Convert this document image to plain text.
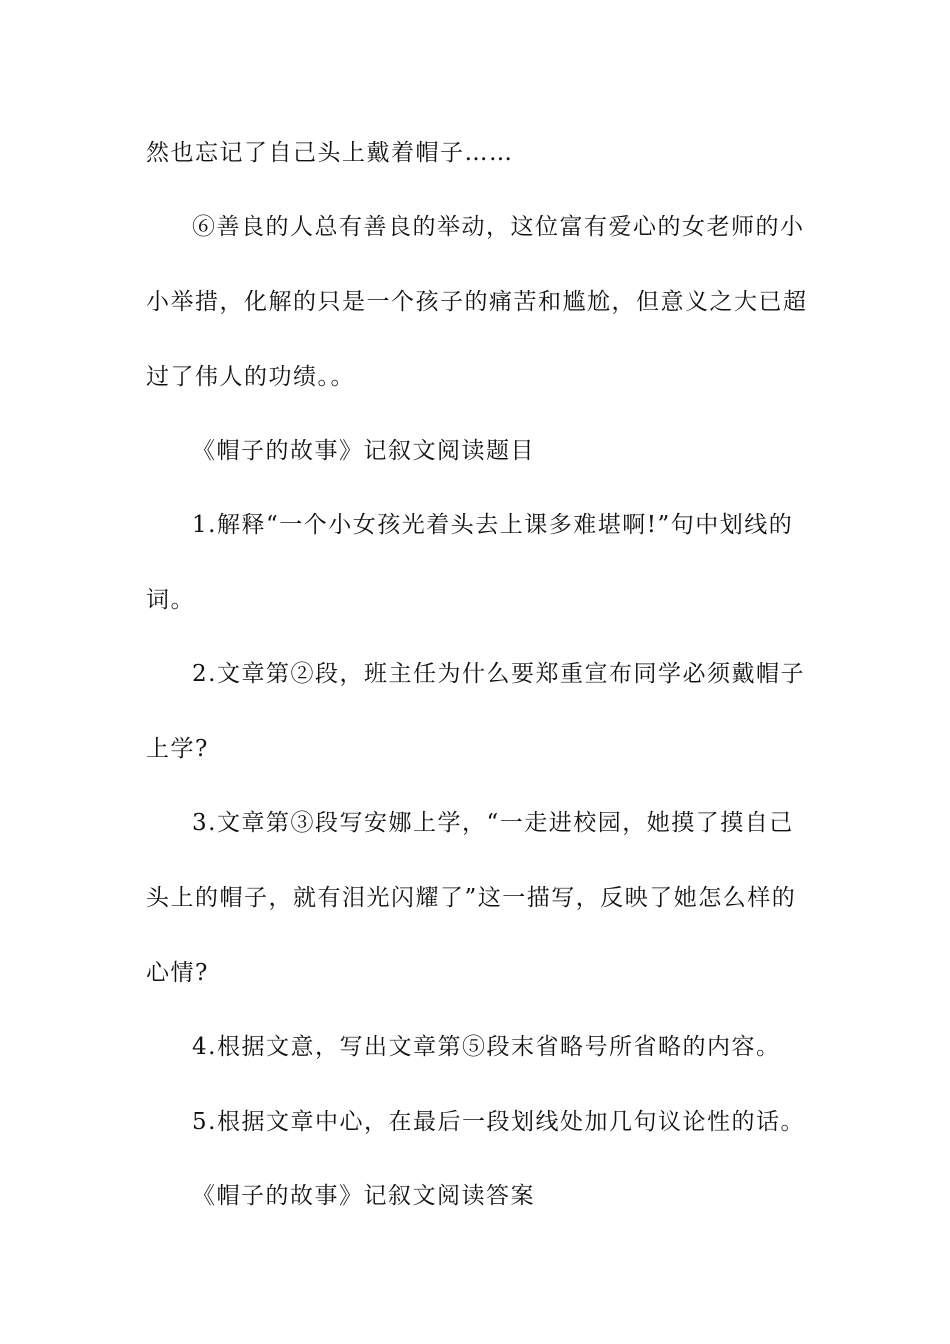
然也忘记了自己头上戴着帽子……
⑥善良的人总有善良的举动，这位富有爱心的女老师的小
小举措，化解的只是一个孩子的痛苦和尴尬，但意义之大已超
过了伟人的功绩。。
《帽子的故事》记叙文阅读题目
1.解释“一个小女孩光着头去上课多难堪啊!”句中划线的
词。
2.文章第②段，班主任为什么要郑重宣布同学必须戴帽子
上学?
3.文章第③段写安娜上学，“一走进校园，她摸了摸自己
头上的帽子，就有泪光闪耀了”这一描写，反映了她怎么样的
心情?
4.根据文意，写出文章第⑤段末省略号所省略的内容。
5.根据文章中心，在最后一段划线处加几句议论性的话。
《帽子的故事》记叙文阅读答案
